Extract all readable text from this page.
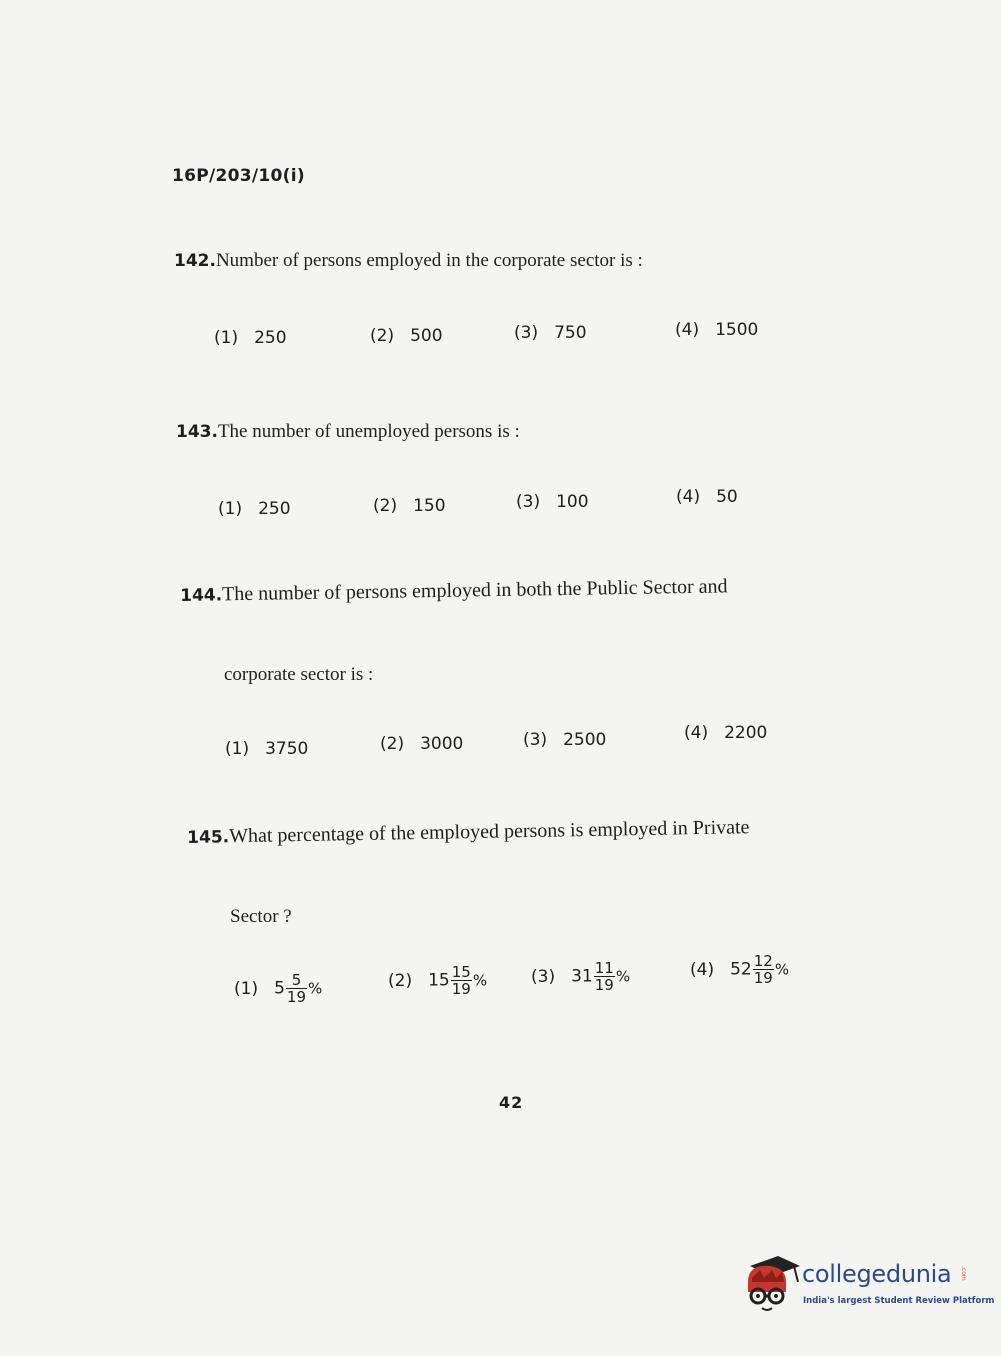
16P/203/10(i)
142.Number of persons employed in the corporate sector is :
(1) 250	(2) 500	(3) 750	(4) 1500
143.The number of unemployed persons is :
(1) 250	(2) 150	(3) 100	(4) 50
144.The number of persons employed in both the Public Sector and
corporate sector is :
(1) 3750	(2) 3000	(3) 2500	(4) 2200
145.What percentage of the employed persons is employed in Private
Sector ?
(1) $5 \frac{5}{19}$ %	(2) $15 \frac{15}{19}$ %	(3) $31 \frac{11}{19}$ %	(4) $52 \frac{12}{19}$ %
42
collegedunia .com
India's largest Student Review Platform
